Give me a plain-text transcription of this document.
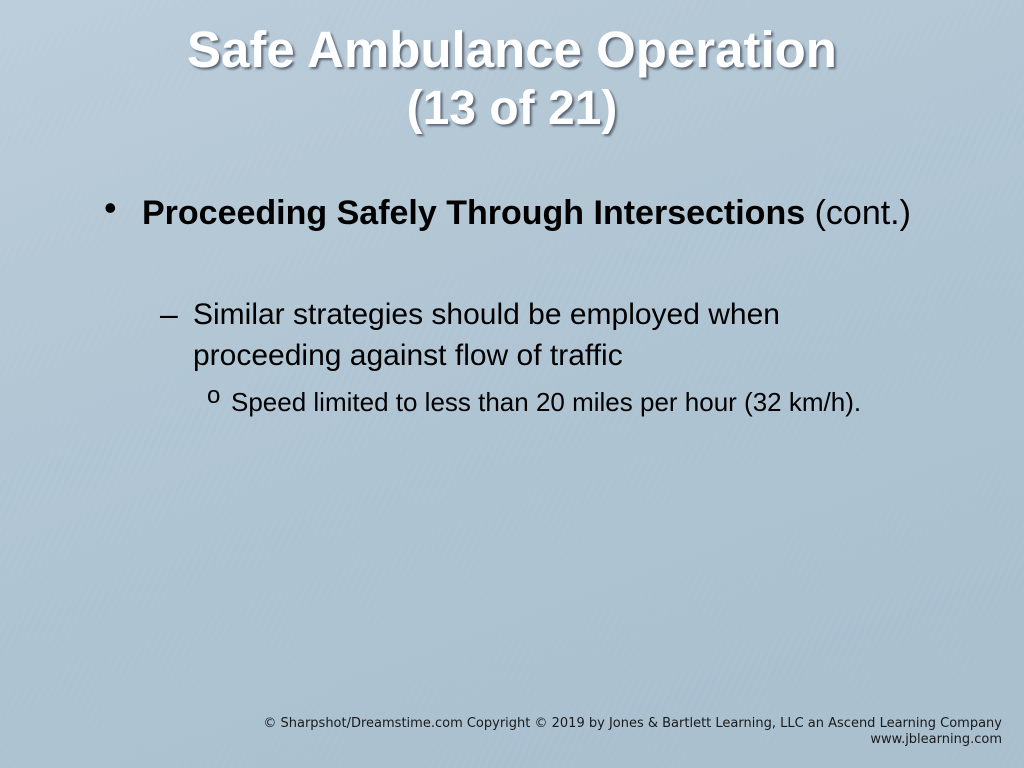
Safe Ambulance Operation
(13 of 21)
• Proceeding Safely Through Intersections (cont.)
– Similar strategies should be employed when proceeding against flow of traffic
o Speed limited to less than 20 miles per hour (32 km/h).
© Sharpshot/Dreamstime.com Copyright © 2019 by Jones & Bartlett Learning, LLC an Ascend Learning Company
www.jblearning.com
